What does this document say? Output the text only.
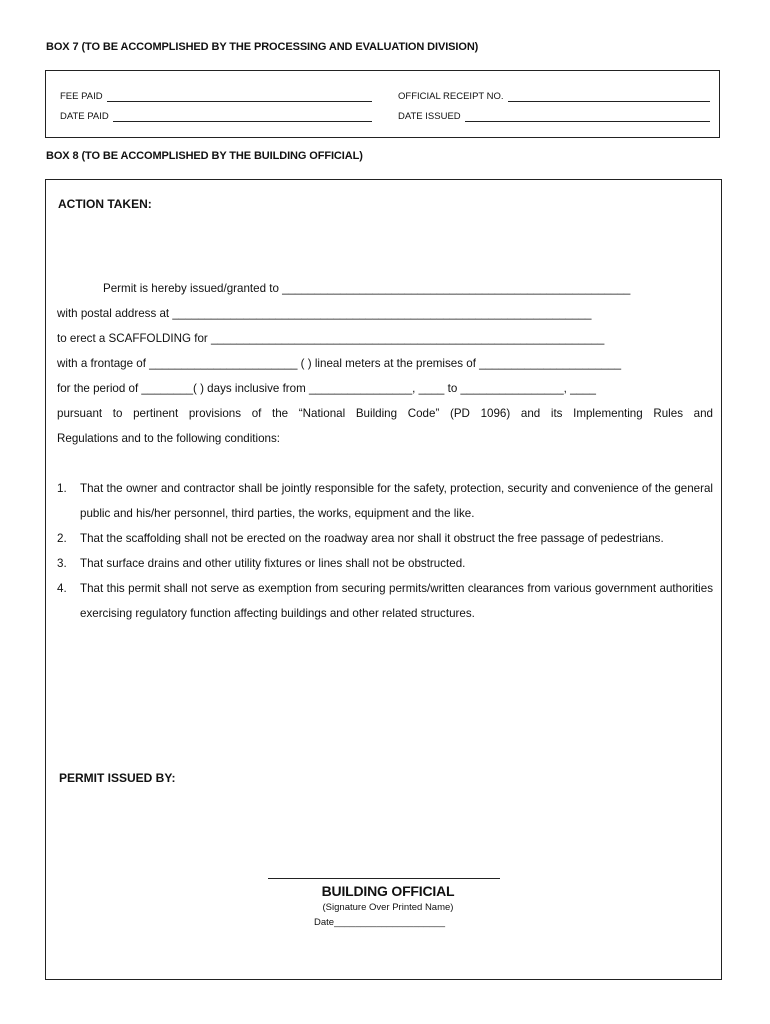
BOX 7 (TO BE ACCOMPLISHED BY THE PROCESSING AND EVALUATION DIVISION)
FEE PAID
DATE PAID
OFFICIAL RECEIPT NO.
DATE ISSUED
BOX 8 (TO BE ACCOMPLISHED BY THE BUILDING OFFICIAL)
ACTION TAKEN:
Permit is hereby issued/granted to ______________________________________________________
with postal address at _________________________________________________________________
to erect a SCAFFOLDING for _____________________________________________________________
with a frontage of _______________________ ( ) lineal meters at the premises of ______________________
for the period of ________( ) days inclusive from ________________, ____ to ________________, ____
pursuant to pertinent provisions of the “National Building Code” (PD 1096) and its Implementing Rules and
Regulations and to the following conditions:
1. That the owner and contractor shall be jointly responsible for the safety, protection, security and convenience of the general public and his/her personnel, third parties, the works, equipment and the like.
2. That the scaffolding shall not be erected on the roadway area nor shall it obstruct the free passage of pedestrians.
3. That surface drains and other utility fixtures or lines shall not be obstructed.
4. That this permit shall not serve as exemption from securing permits/written clearances from various government authorities exercising regulatory function affecting buildings and other related structures.
PERMIT ISSUED BY:
BUILDING OFFICIAL
(Signature Over Printed Name)
Date_____________________
